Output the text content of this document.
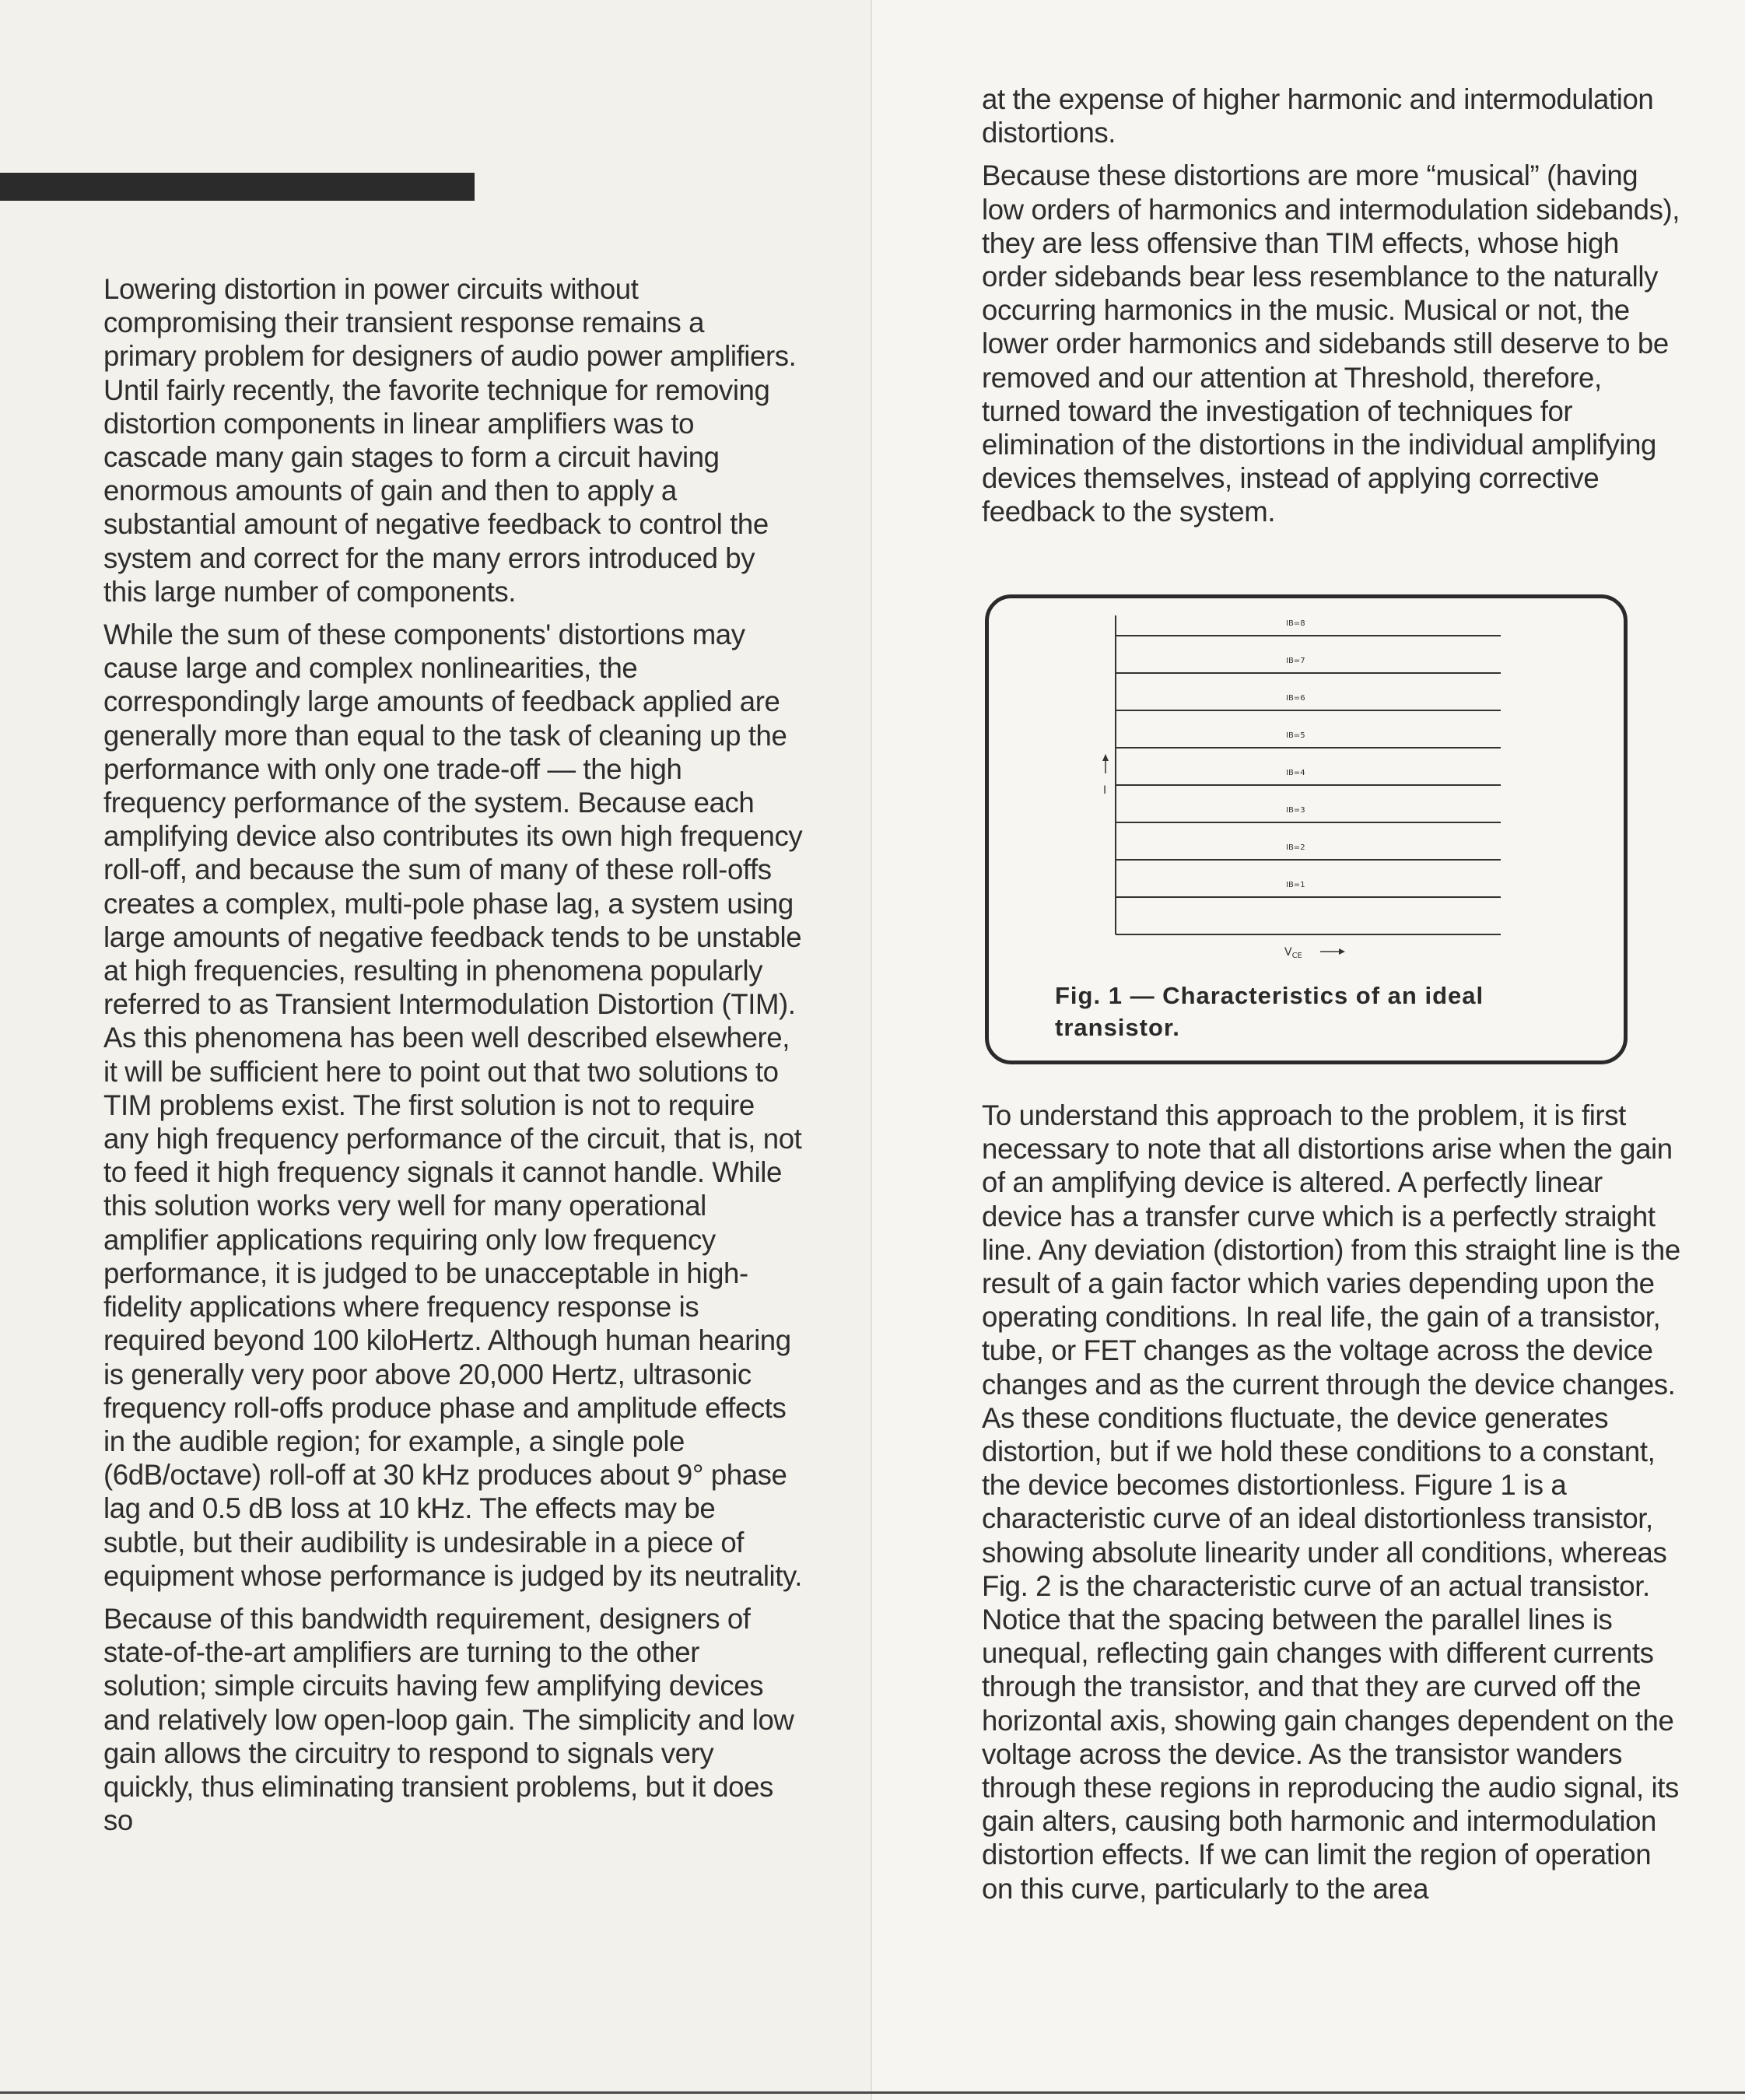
Lowering distortion in power circuits without compromising their transient response remains a primary problem for designers of audio power amplifiers. Until fairly recently, the favorite technique for removing distortion components in linear amplifiers was to cascade many gain stages to form a circuit having enormous amounts of gain and then to apply a substantial amount of negative feedback to control the system and correct for the many errors introduced by this large number of components.

While the sum of these components' distortions may cause large and complex nonlinearities, the correspondingly large amounts of feedback applied are generally more than equal to the task of cleaning up the performance with only one trade-off — the high frequency performance of the system. Because each amplifying device also contributes its own high frequency roll-off, and because the sum of many of these roll-offs creates a complex, multi-pole phase lag, a system using large amounts of negative feedback tends to be unstable at high frequencies, resulting in phenomena popularly referred to as Transient Intermodulation Distortion (TIM). As this phenomena has been well described elsewhere, it will be sufficient here to point out that two solutions to TIM problems exist. The first solution is not to require any high frequency performance of the circuit, that is, not to feed it high frequency signals it cannot handle. While this solution works very well for many operational amplifier applications requiring only low frequency performance, it is judged to be unacceptable in high-fidelity applications where frequency response is required beyond 100 kiloHertz. Although human hearing is generally very poor above 20,000 Hertz, ultrasonic frequency roll-offs produce phase and amplitude effects in the audible region; for example, a single pole (6dB/octave) roll-off at 30 kHz produces about 9° phase lag and 0.5 dB loss at 10 kHz. The effects may be subtle, but their audibility is undesirable in a piece of equipment whose performance is judged by its neutrality.

Because of this bandwidth requirement, designers of state-of-the-art amplifiers are turning to the other solution; simple circuits having few amplifying devices and relatively low open-loop gain. The simplicity and low gain allows the circuitry to respond to signals very quickly, thus eliminating transient problems, but it does so

at the expense of higher harmonic and intermodulation distortions.

Because these distortions are more “musical” (having low orders of harmonics and intermodulation sidebands), they are less offensive than TIM effects, whose high order sidebands bear less resemblance to the naturally occurring harmonics in the music. Musical or not, the lower order harmonics and sidebands still deserve to be removed and our attention at Threshold, therefore, turned toward the investigation of techniques for elimination of the distortions in the individual amplifying devices themselves, instead of applying corrective feedback to the system.

I
$V_{CE}$
IB=1
IB=2
IB=3
IB=4
IB=5
IB=6
IB=7
IB=8
Fig. 1 — Characteristics of an ideal transistor.

To understand this approach to the problem, it is first necessary to note that all distortions arise when the gain of an amplifying device is altered. A perfectly linear device has a transfer curve which is a perfectly straight line. Any deviation (distortion) from this straight line is the result of a gain factor which varies depending upon the operating conditions. In real life, the gain of a transistor, tube, or FET changes as the voltage across the device changes and as the current through the device changes. As these conditions fluctuate, the device generates distortion, but if we hold these conditions to a constant, the device becomes distortionless. Figure 1 is a characteristic curve of an ideal distortionless transistor, showing absolute linearity under all conditions, whereas Fig. 2 is the characteristic curve of an actual transistor. Notice that the spacing between the parallel lines is unequal, reflecting gain changes with different currents through the transistor, and that they are curved off the horizontal axis, showing gain changes dependent on the voltage across the device. As the transistor wanders through these regions in reproducing the audio signal, its gain alters, causing both harmonic and intermodulation distortion effects. If we can limit the region of operation on this curve, particularly to the area
